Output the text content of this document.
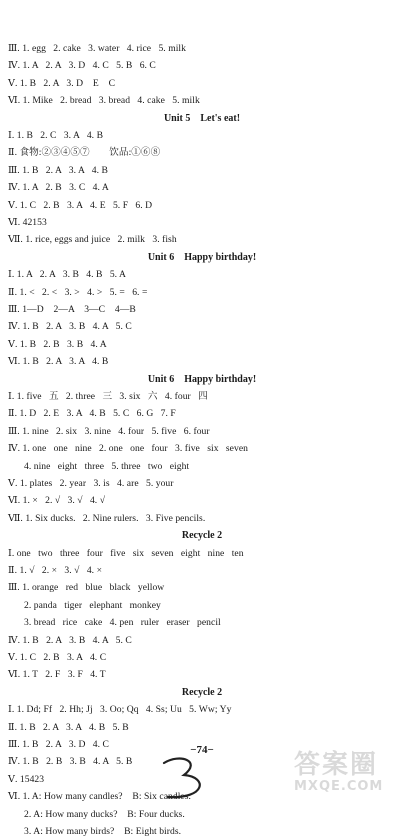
Ⅲ. 1. egg   2. cake   3. water   4. rice   5. milk
Ⅳ. 1. A   2. A   3. D   4. C   5. B   6. C
Ⅴ. 1. B   2. A   3. D    E    C
Ⅵ. 1. Mike   2. bread   3. bread   4. cake   5. milk
Unit 5    Let's eat!
Ⅰ. 1. B   2. C   3. A   4. B
Ⅱ. 食物:②③④⑤⑦        饮品:①⑥⑧
Ⅲ. 1. B   2. A   3. A   4. B
Ⅳ. 1. A   2. B   3. C   4. A
Ⅴ. 1. C   2. B   3. A   4. E   5. F   6. D
Ⅵ. 42153
Ⅶ. 1. rice, eggs and juice   2. milk   3. fish
Unit 6    Happy birthday!
Ⅰ. 1. A   2. A   3. B   4. B   5. A
Ⅱ. 1. <   2. <   3. >   4. >   5. =   6. =
Ⅲ. 1—D    2—A    3—C    4—B
Ⅳ. 1. B   2. A   3. B   4. A   5. C
Ⅴ. 1. B   2. B   3. B   4. A
Ⅵ. 1. B   2. A   3. A   4. B
Unit 6    Happy birthday!
Ⅰ. 1. five   五   2. three   三   3. six   六   4. four   四
Ⅱ. 1. D   2. E   3. A   4. B   5. C   6. G   7. F
Ⅲ. 1. nine   2. six   3. nine   4. four   5. five   6. four
Ⅳ. 1. one   one   nine   2. one   one   four   3. five   six   seven
4. nine   eight   three   5. three   two   eight
Ⅴ. 1. plates   2. year   3. is   4. are   5. your
Ⅵ. 1. ×   2. √   3. √   4. √
Ⅶ. 1. Six ducks.   2. Nine rulers.   3. Five pencils.
Recycle 2
Ⅰ. one   two   three   four   five   six   seven   eight   nine   ten
Ⅱ. 1. √   2. ×   3. √   4. ×
Ⅲ. 1. orange   red   blue   black   yellow
2. panda   tiger   elephant   monkey
3. bread   rice   cake   4. pen   ruler   eraser   pencil
Ⅳ. 1. B   2. A   3. B   4. A   5. C
Ⅴ. 1. C   2. B   3. A   4. C
Ⅵ. 1. T   2. F   3. F   4. T
Recycle 2
Ⅰ. 1. Dd; Ff   2. Hh; Jj   3. Oo; Qq   4. Ss; Uu   5. Ww; Yy
Ⅱ. 1. B   2. A   3. A   4. B   5. B
Ⅲ. 1. B   2. A   3. D   4. C
Ⅳ. 1. B   2. B   3. B   4. A   5. B
Ⅴ. 15423
Ⅵ. 1. A: How many candles?    B: Six candles.
2. A: How many ducks?    B: Four ducks.
3. A: How many birds?    B: Eight birds.
−74−	答案圈
MXQE.COM
